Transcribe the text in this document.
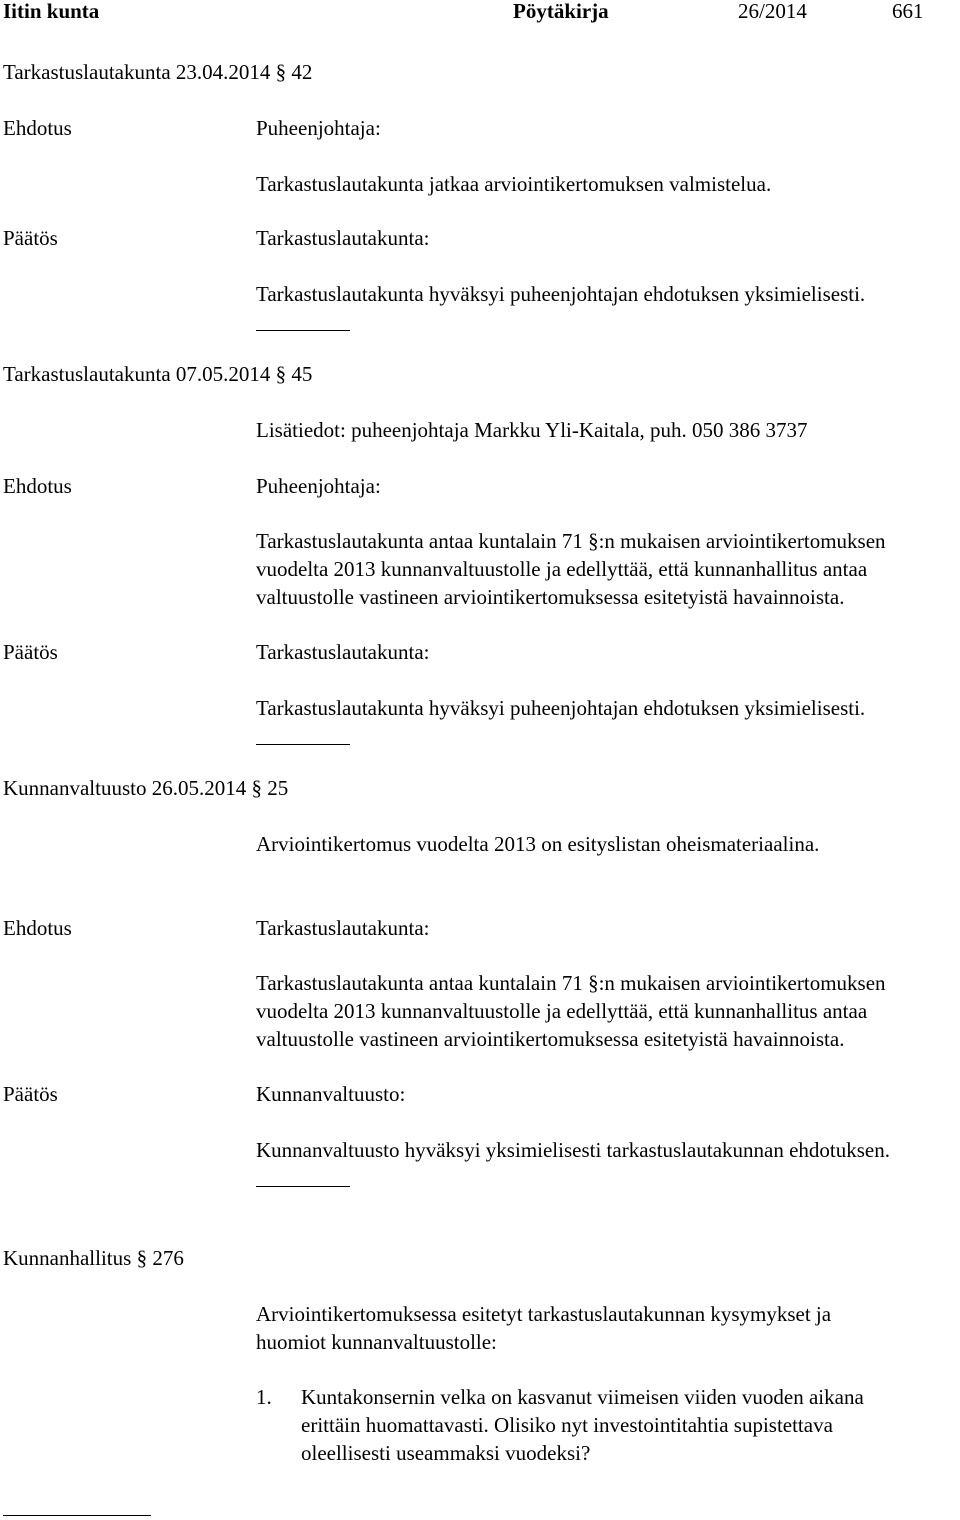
Iitin kunta	Pöytäkirja	26/2014	661
Tarkastuslautakunta 23.04.2014 § 42
Ehdotus	Puheenjohtaja:
Tarkastuslautakunta jatkaa arviointikertomuksen valmistelua.
Päätös	Tarkastuslautakunta:
Tarkastuslautakunta hyväksyi puheenjohtajan ehdotuksen yksimielisesti.
Tarkastuslautakunta 07.05.2014 § 45
Lisätiedot: puheenjohtaja Markku Yli-Kaitala, puh. 050 386 3737
Ehdotus	Puheenjohtaja:
Tarkastuslautakunta antaa kuntalain 71 §:n mukaisen arviointikertomuksen
vuodelta 2013 kunnanvaltuustolle ja edellyttää, että kunnanhallitus antaa
valtuustolle vastineen arviointikertomuksessa esitetyistä havainnoista.
Päätös	Tarkastuslautakunta:
Tarkastuslautakunta hyväksyi puheenjohtajan ehdotuksen yksimielisesti.
Kunnanvaltuusto 26.05.2014 § 25
Arviointikertomus vuodelta 2013 on esityslistan oheismateriaalina.
Ehdotus	Tarkastuslautakunta:
Tarkastuslautakunta antaa kuntalain 71 §:n mukaisen arviointikertomuksen
vuodelta 2013 kunnanvaltuustolle ja edellyttää, että kunnanhallitus antaa
valtuustolle vastineen arviointikertomuksessa esitetyistä havainnoista.
Päätös	Kunnanvaltuusto:
Kunnanvaltuusto hyväksyi yksimielisesti tarkastuslautakunnan ehdotuksen.
Kunnanhallitus § 276
Arviointikertomuksessa esitetyt tarkastuslautakunnan kysymykset ja
huomiot kunnanvaltuustolle:
1. Kuntakonsernin velka on kasvanut viimeisen viiden vuoden aikana
erittäin huomattavasti. Olisiko nyt investointitahtia supistettava
oleellisesti useammaksi vuodeksi?
